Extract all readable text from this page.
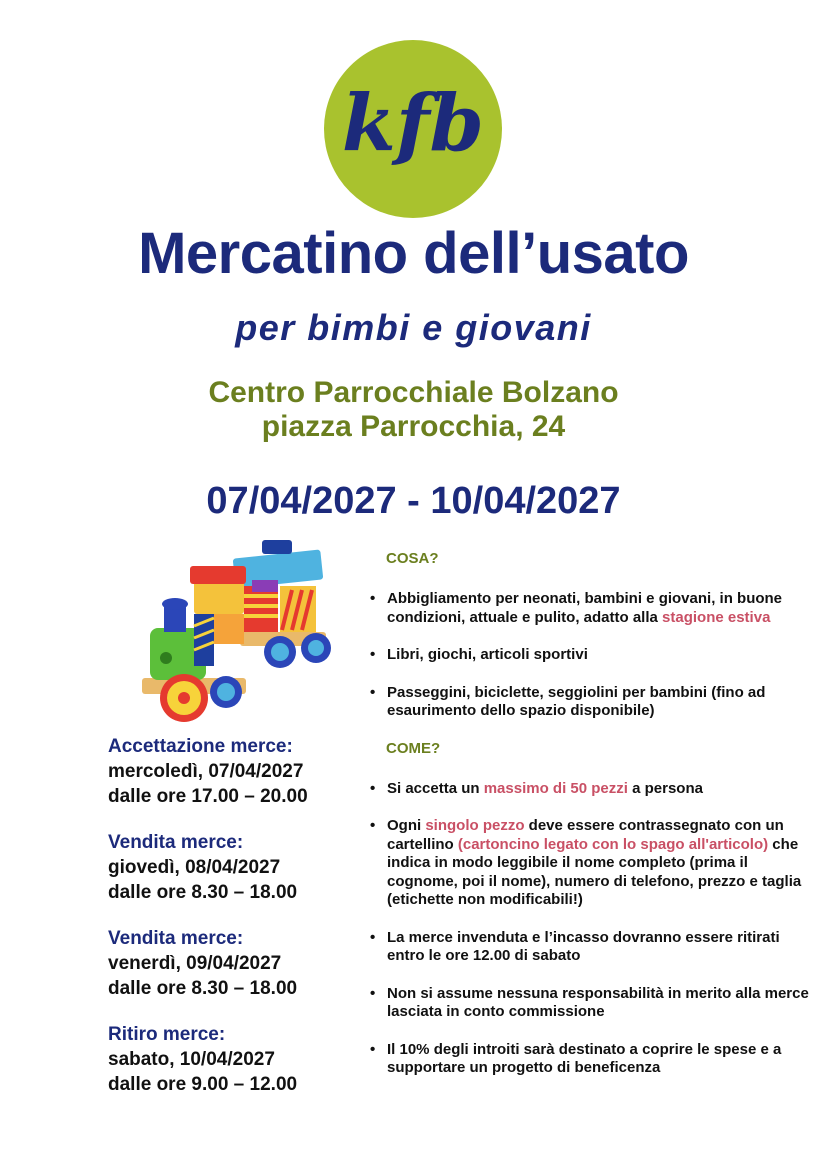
kfb
Mercatino dell’usato
per bimbi e giovani
Centro Parrocchiale Bolzano
piazza Parrocchia, 24
07/04/2027 - 10/04/2027
Accettazione merce:
mercoledì, 07/04/2027
dalle ore 17.00 – 20.00
Vendita merce:
giovedì, 08/04/2027
dalle ore 8.30 – 18.00
Vendita merce:
venerdì, 09/04/2027
dalle ore 8.30 – 18.00
Ritiro merce:
sabato, 10/04/2027
dalle ore 9.00 – 12.00
COSA?
• Abbigliamento per neonati, bambini e giovani, in buone condizioni, attuale e pulito, adatto alla stagione estiva
• Libri, giochi, articoli sportivi
• Passeggini, biciclette, seggiolini per bambini (fino ad esaurimento dello spazio disponibile)
COME?
• Si accetta un massimo di 50 pezzi a persona
• Ogni singolo pezzo deve essere contrassegnato con un cartellino (cartoncino legato con lo spago all'articolo) che indica in modo leggibile il nome completo (prima il cognome, poi il nome), numero di telefono, prezzo e taglia (etichette non modificabili!)
• La merce invenduta e l’incasso dovranno essere ritirati entro le ore 12.00 di sabato
• Non si assume nessuna responsabilità in merito alla merce lasciata in conto commissione
• Il 10% degli introiti sarà destinato a coprire le spese e a supportare un progetto di beneficenza
